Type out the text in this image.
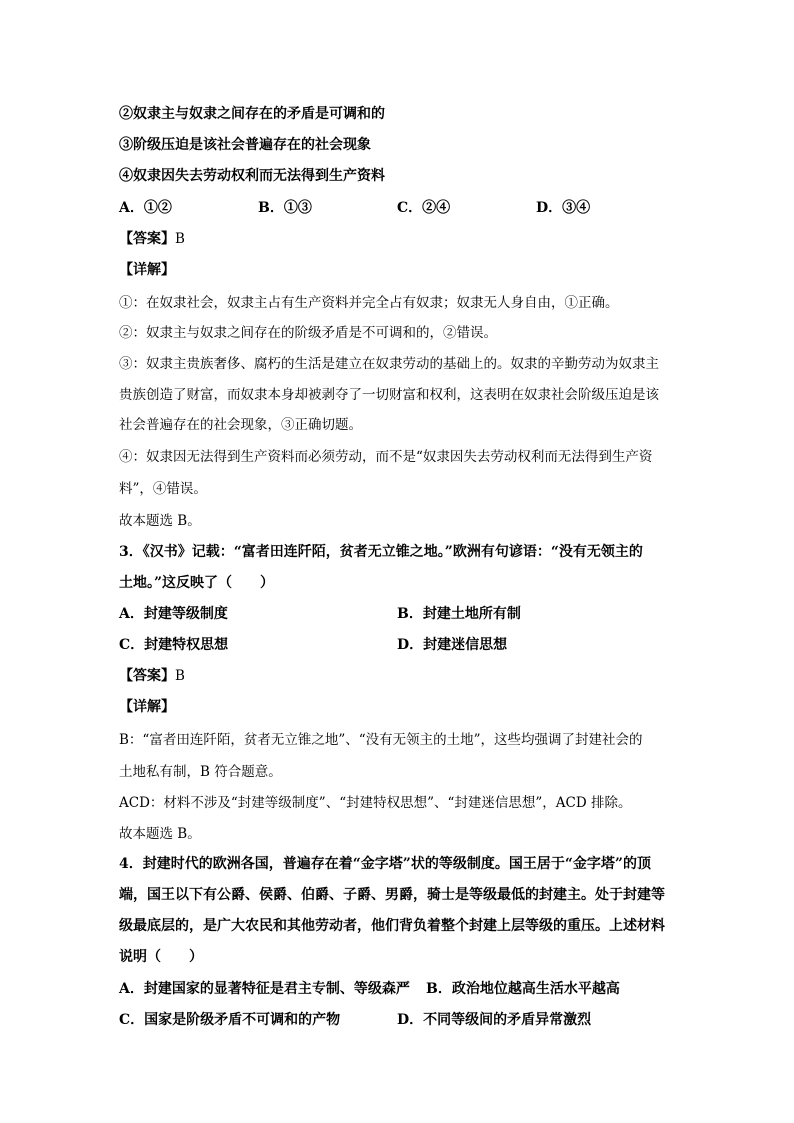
②奴隶主与奴隶之间存在的矛盾是可调和的
③阶级压迫是该社会普遍存在的社会现象
④奴隶因失去劳动权利而无法得到生产资料
A．①②	B．①③	C．②④	D．③④
【答案】B
【详解】
①：在奴隶社会，奴隶主占有生产资料并完全占有奴隶；奴隶无人身自由，①正确。
②：奴隶主与奴隶之间存在的阶级矛盾是不可调和的，②错误。
③：奴隶主贵族奢侈、腐朽的生活是建立在奴隶劳动的基础上的。奴隶的辛勤劳动为奴隶主
贵族创造了财富，而奴隶本身却被剥夺了一切财富和权利，这表明在奴隶社会阶级压迫是该
社会普遍存在的社会现象，③正确切题。
④：奴隶因无法得到生产资料而必须劳动，而不是“奴隶因失去劳动权利而无法得到生产资
料”，④错误。
故本题选 B。
3．《汉书》记载：“富者田连阡陌，贫者无立锥之地。”欧洲有句谚语：“没有无领主的
土地。”这反映了（　　）
A．封建等级制度	B．封建土地所有制
C．封建特权思想	D．封建迷信思想
【答案】B
【详解】
B：“富者田连阡陌，贫者无立锥之地”、“没有无领主的土地”，这些均强调了封建社会的
土地私有制，B 符合题意。
ACD：材料不涉及“封建等级制度”、“封建特权思想”、“封建迷信思想”，ACD 排除。
故本题选 B。
4．封建时代的欧洲各国，普遍存在着“金字塔”状的等级制度。国王居于“金字塔”的顶
端，国王以下有公爵、侯爵、伯爵、子爵、男爵，骑士是等级最低的封建主。处于封建等
级最底层的，是广大农民和其他劳动者，他们背负着整个封建上层等级的重压。上述材料
说明（　　）
A．封建国家的显著特征是君主专制、等级森严 B．政治地位越高生活水平越高
C．国家是阶级矛盾不可调和的产物	D．不同等级间的矛盾异常激烈
